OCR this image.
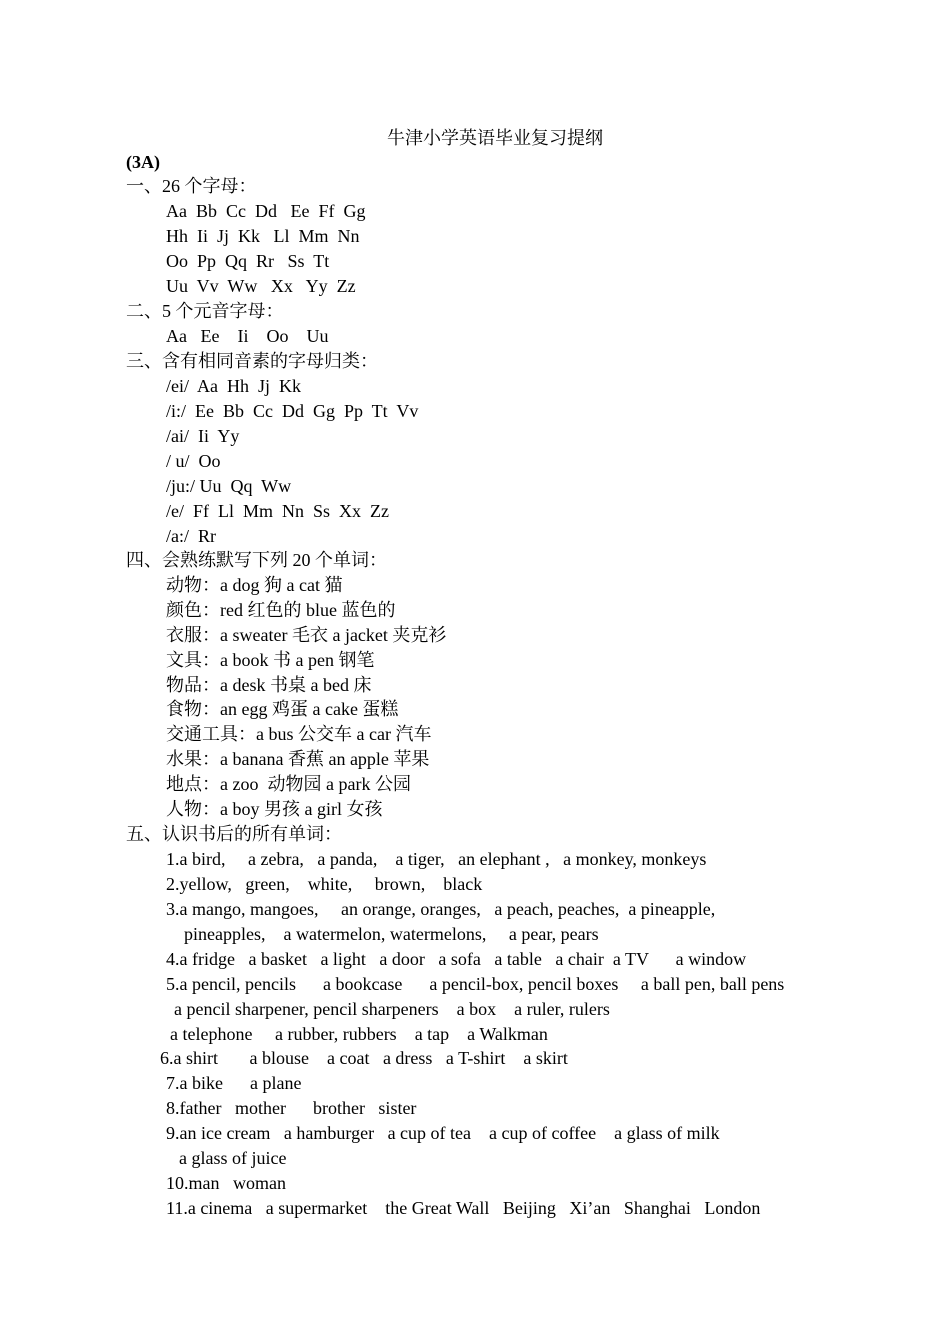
牛津小学英语毕业复习提纲
(3A)
一、26 个字母：
Aa  Bb  Cc  Dd   Ee  Ff  Gg
Hh  Ii  Jj  Kk   Ll  Mm  Nn
Oo  Pp  Qq  Rr   Ss  Tt
Uu  Vv  Ww   Xx   Yy  Zz
二、5 个元音字母：
Aa   Ee    Ii    Oo    Uu
三、含有相同音素的字母归类：
/ei/  Aa  Hh  Jj  Kk
/i:/  Ee  Bb  Cc  Dd  Gg  Pp  Tt  Vv
/ai/  Ii  Yy
/ u/  Oo
/ju:/ Uu  Qq  Ww
/e/  Ff  Ll  Mm  Nn  Ss  Xx  Zz
/a:/  Rr
四、会熟练默写下列 20 个单词：
动物：a dog 狗 a cat 猫
颜色：red 红色的 blue 蓝色的
衣服：a sweater 毛衣 a jacket 夹克衫
文具：a book 书 a pen 钢笔
物品：a desk 书桌 a bed 床
食物：an egg 鸡蛋 a cake 蛋糕
交通工具：a bus 公交车 a car 汽车
水果：a banana 香蕉 an apple 苹果
地点：a zoo  动物园 a park 公园
人物：a boy 男孩 a girl 女孩
五、认识书后的所有单词：
1.a bird,     a zebra,   a panda,    a tiger,   an elephant ,   a monkey, monkeys
2.yellow,   green,    white,     brown,    black
3.a mango, mangoes,     an orange, oranges,   a peach, peaches,  a pineapple,
pineapples,    a watermelon, watermelons,     a pear, pears
4.a fridge   a basket   a light   a door   a sofa   a table   a chair  a TV      a window
5.a pencil, pencils      a bookcase      a pencil-box, pencil boxes     a ball pen, ball pens
a pencil sharpener, pencil sharpeners    a box    a ruler, rulers
a telephone     a rubber, rubbers    a tap    a Walkman
6.a shirt       a blouse    a coat   a dress   a T-shirt    a skirt
7.a bike      a plane
8.father   mother      brother   sister
9.an ice cream   a hamburger   a cup of tea    a cup of coffee    a glass of milk
a glass of juice
10.man   woman
11.a cinema   a supermarket    the Great Wall   Beijing   Xi’an   Shanghai   London
